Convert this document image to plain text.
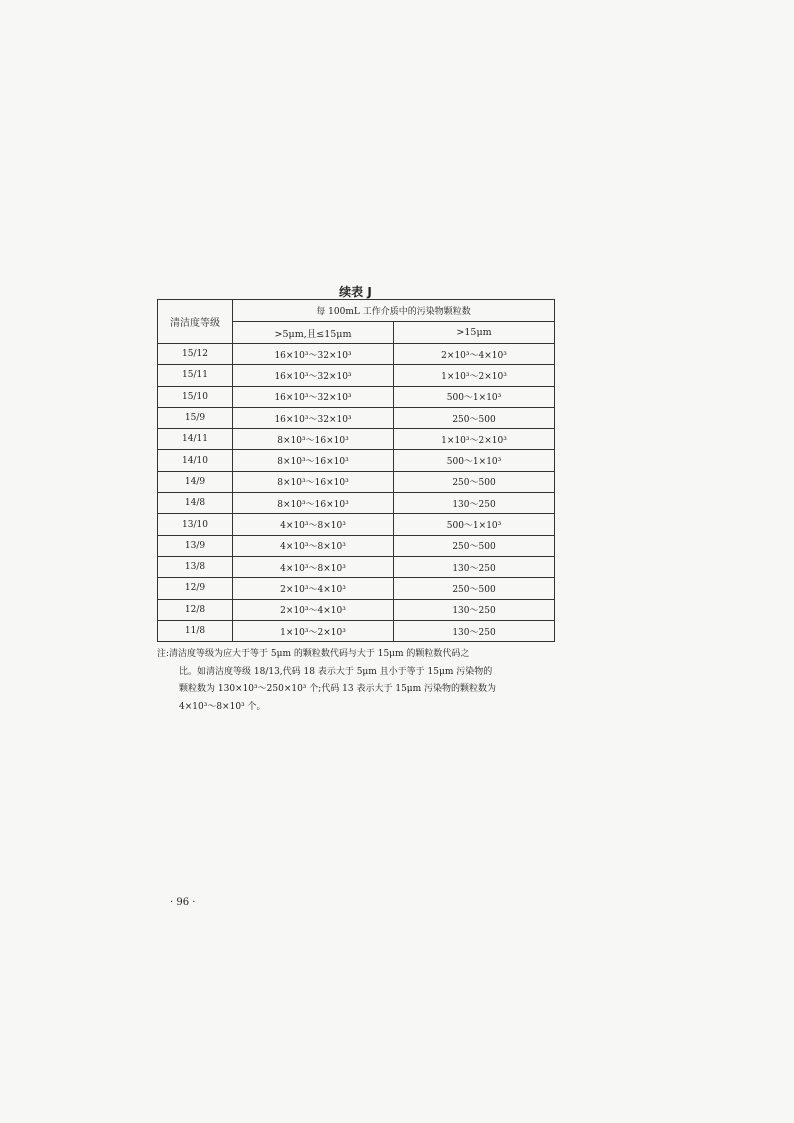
续表 J
清洁度等级	每 100mL 工作介质中的污染物颗粒数	
	>5μm,且≤15μm	>15μm
15/12	16×10³～32×10³	2×10³～4×10³
15/11	16×10³～32×10³	1×10³～2×10³
15/10	16×10³～32×10³	500～1×10³
15/9	16×10³～32×10³	250～500
14/11	8×10³～16×10³	1×10³～2×10³
14/10	8×10³～16×10³	500～1×10³
14/9	8×10³～16×10³	250～500
14/8	8×10³～16×10³	130～250
13/10	4×10³～8×10³	500～1×10³
13/9	4×10³～8×10³	250～500
13/8	4×10³～8×10³	130～250
12/9	2×10³～4×10³	250～500
12/8	2×10³～4×10³	130～250
11/8	1×10³～2×10³	130～250

注:清洁度等级为应大于等于 5μm 的颗粒数代码与大于 15μm 的颗粒数代码之

比。如清洁度等级 18/13,代码 18 表示大于 5μm 且小于等于 15μm 污染物的

颗粒数为 130×10³～250×10³ 个;代码 13 表示大于 15μm 污染物的颗粒数为

4×10³～8×10³ 个。

· 96 ·
